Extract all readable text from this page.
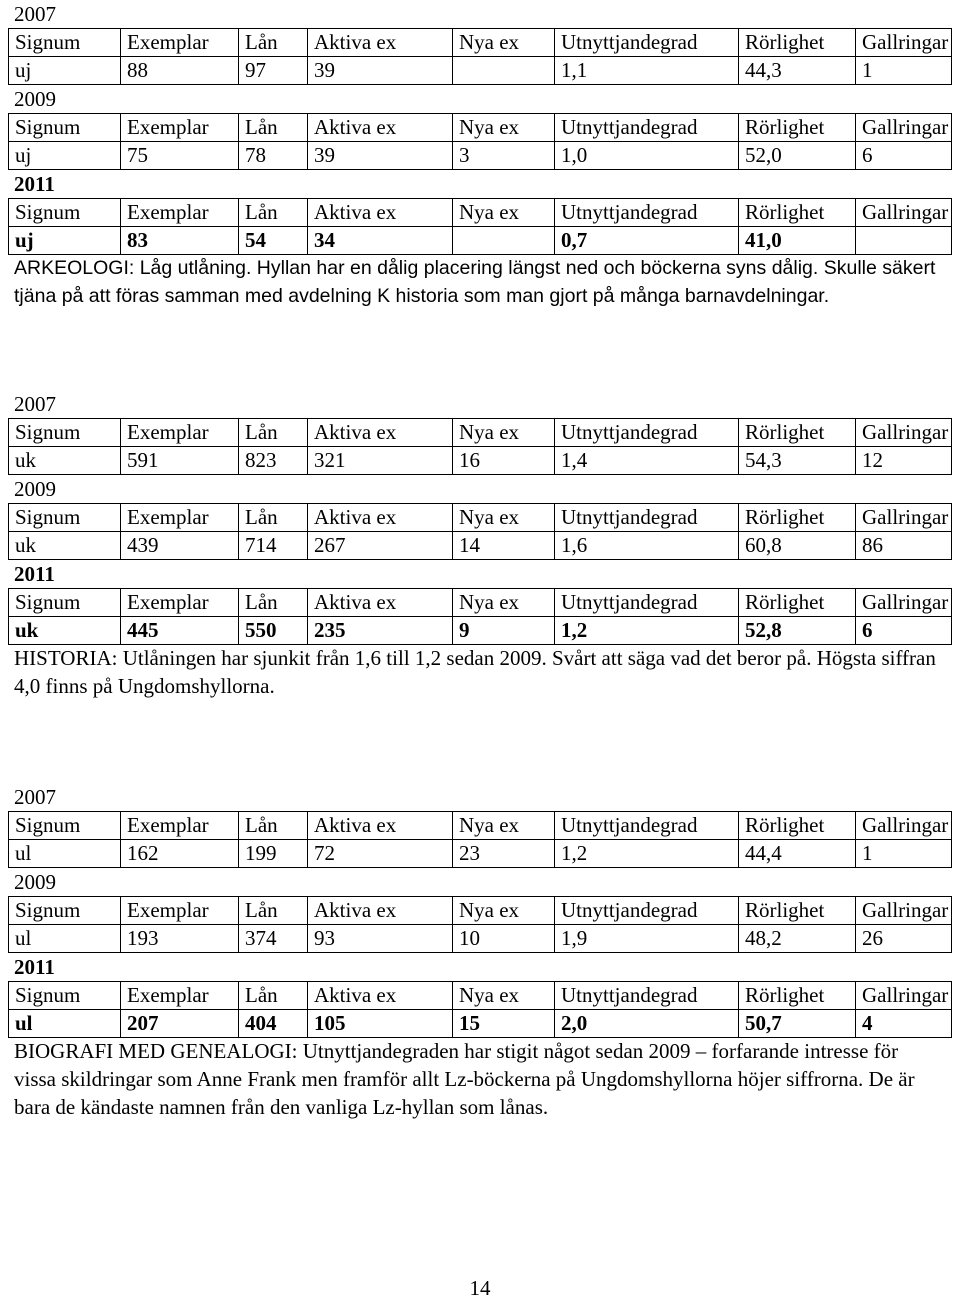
2007
Signum	Exemplar	Lån	Aktiva ex	Nya ex	Utnyttjandegrad	Rörlighet	Gallringar
uj	88	97	39		1,1	44,3	1
2009
Signum	Exemplar	Lån	Aktiva ex	Nya ex	Utnyttjandegrad	Rörlighet	Gallringar
uj	75	78	39	3	1,0	52,0	6
2011
Signum	Exemplar	Lån	Aktiva ex	Nya ex	Utnyttjandegrad	Rörlighet	Gallringar
uj	83	54	34		0,7	41,0	
ARKEOLOGI: Låg utlåning. Hyllan har en dålig placering längst ned och böckerna syns dålig. Skulle säkert tjäna på att föras samman med avdelning K historia som man gjort på många barnavdelningar.
2007
Signum	Exemplar	Lån	Aktiva ex	Nya ex	Utnyttjandegrad	Rörlighet	Gallringar
uk	591	823	321	16	1,4	54,3	12
2009
Signum	Exemplar	Lån	Aktiva ex	Nya ex	Utnyttjandegrad	Rörlighet	Gallringar
uk	439	714	267	14	1,6	60,8	86
2011
Signum	Exemplar	Lån	Aktiva ex	Nya ex	Utnyttjandegrad	Rörlighet	Gallringar
uk	445	550	235	9	1,2	52,8	6
HISTORIA: Utlåningen har sjunkit från 1,6 till 1,2 sedan 2009. Svårt att säga vad det beror på. Högsta siffran 4,0 finns på Ungdomshyllorna.
2007
Signum	Exemplar	Lån	Aktiva ex	Nya ex	Utnyttjandegrad	Rörlighet	Gallringar
ul	162	199	72	23	1,2	44,4	1
2009
Signum	Exemplar	Lån	Aktiva ex	Nya ex	Utnyttjandegrad	Rörlighet	Gallringar
ul	193	374	93	10	1,9	48,2	26
2011
Signum	Exemplar	Lån	Aktiva ex	Nya ex	Utnyttjandegrad	Rörlighet	Gallringar
ul	207	404	105	15	2,0	50,7	4
BIOGRAFI MED GENEALOGI: Utnyttjandegraden har stigit något sedan 2009 – forfarande intresse för vissa skildringar som Anne Frank men framför allt Lz-böckerna på Ungdomshyllorna höjer siffrorna. De är bara de kändaste namnen från den vanliga Lz-hyllan som lånas.
14
